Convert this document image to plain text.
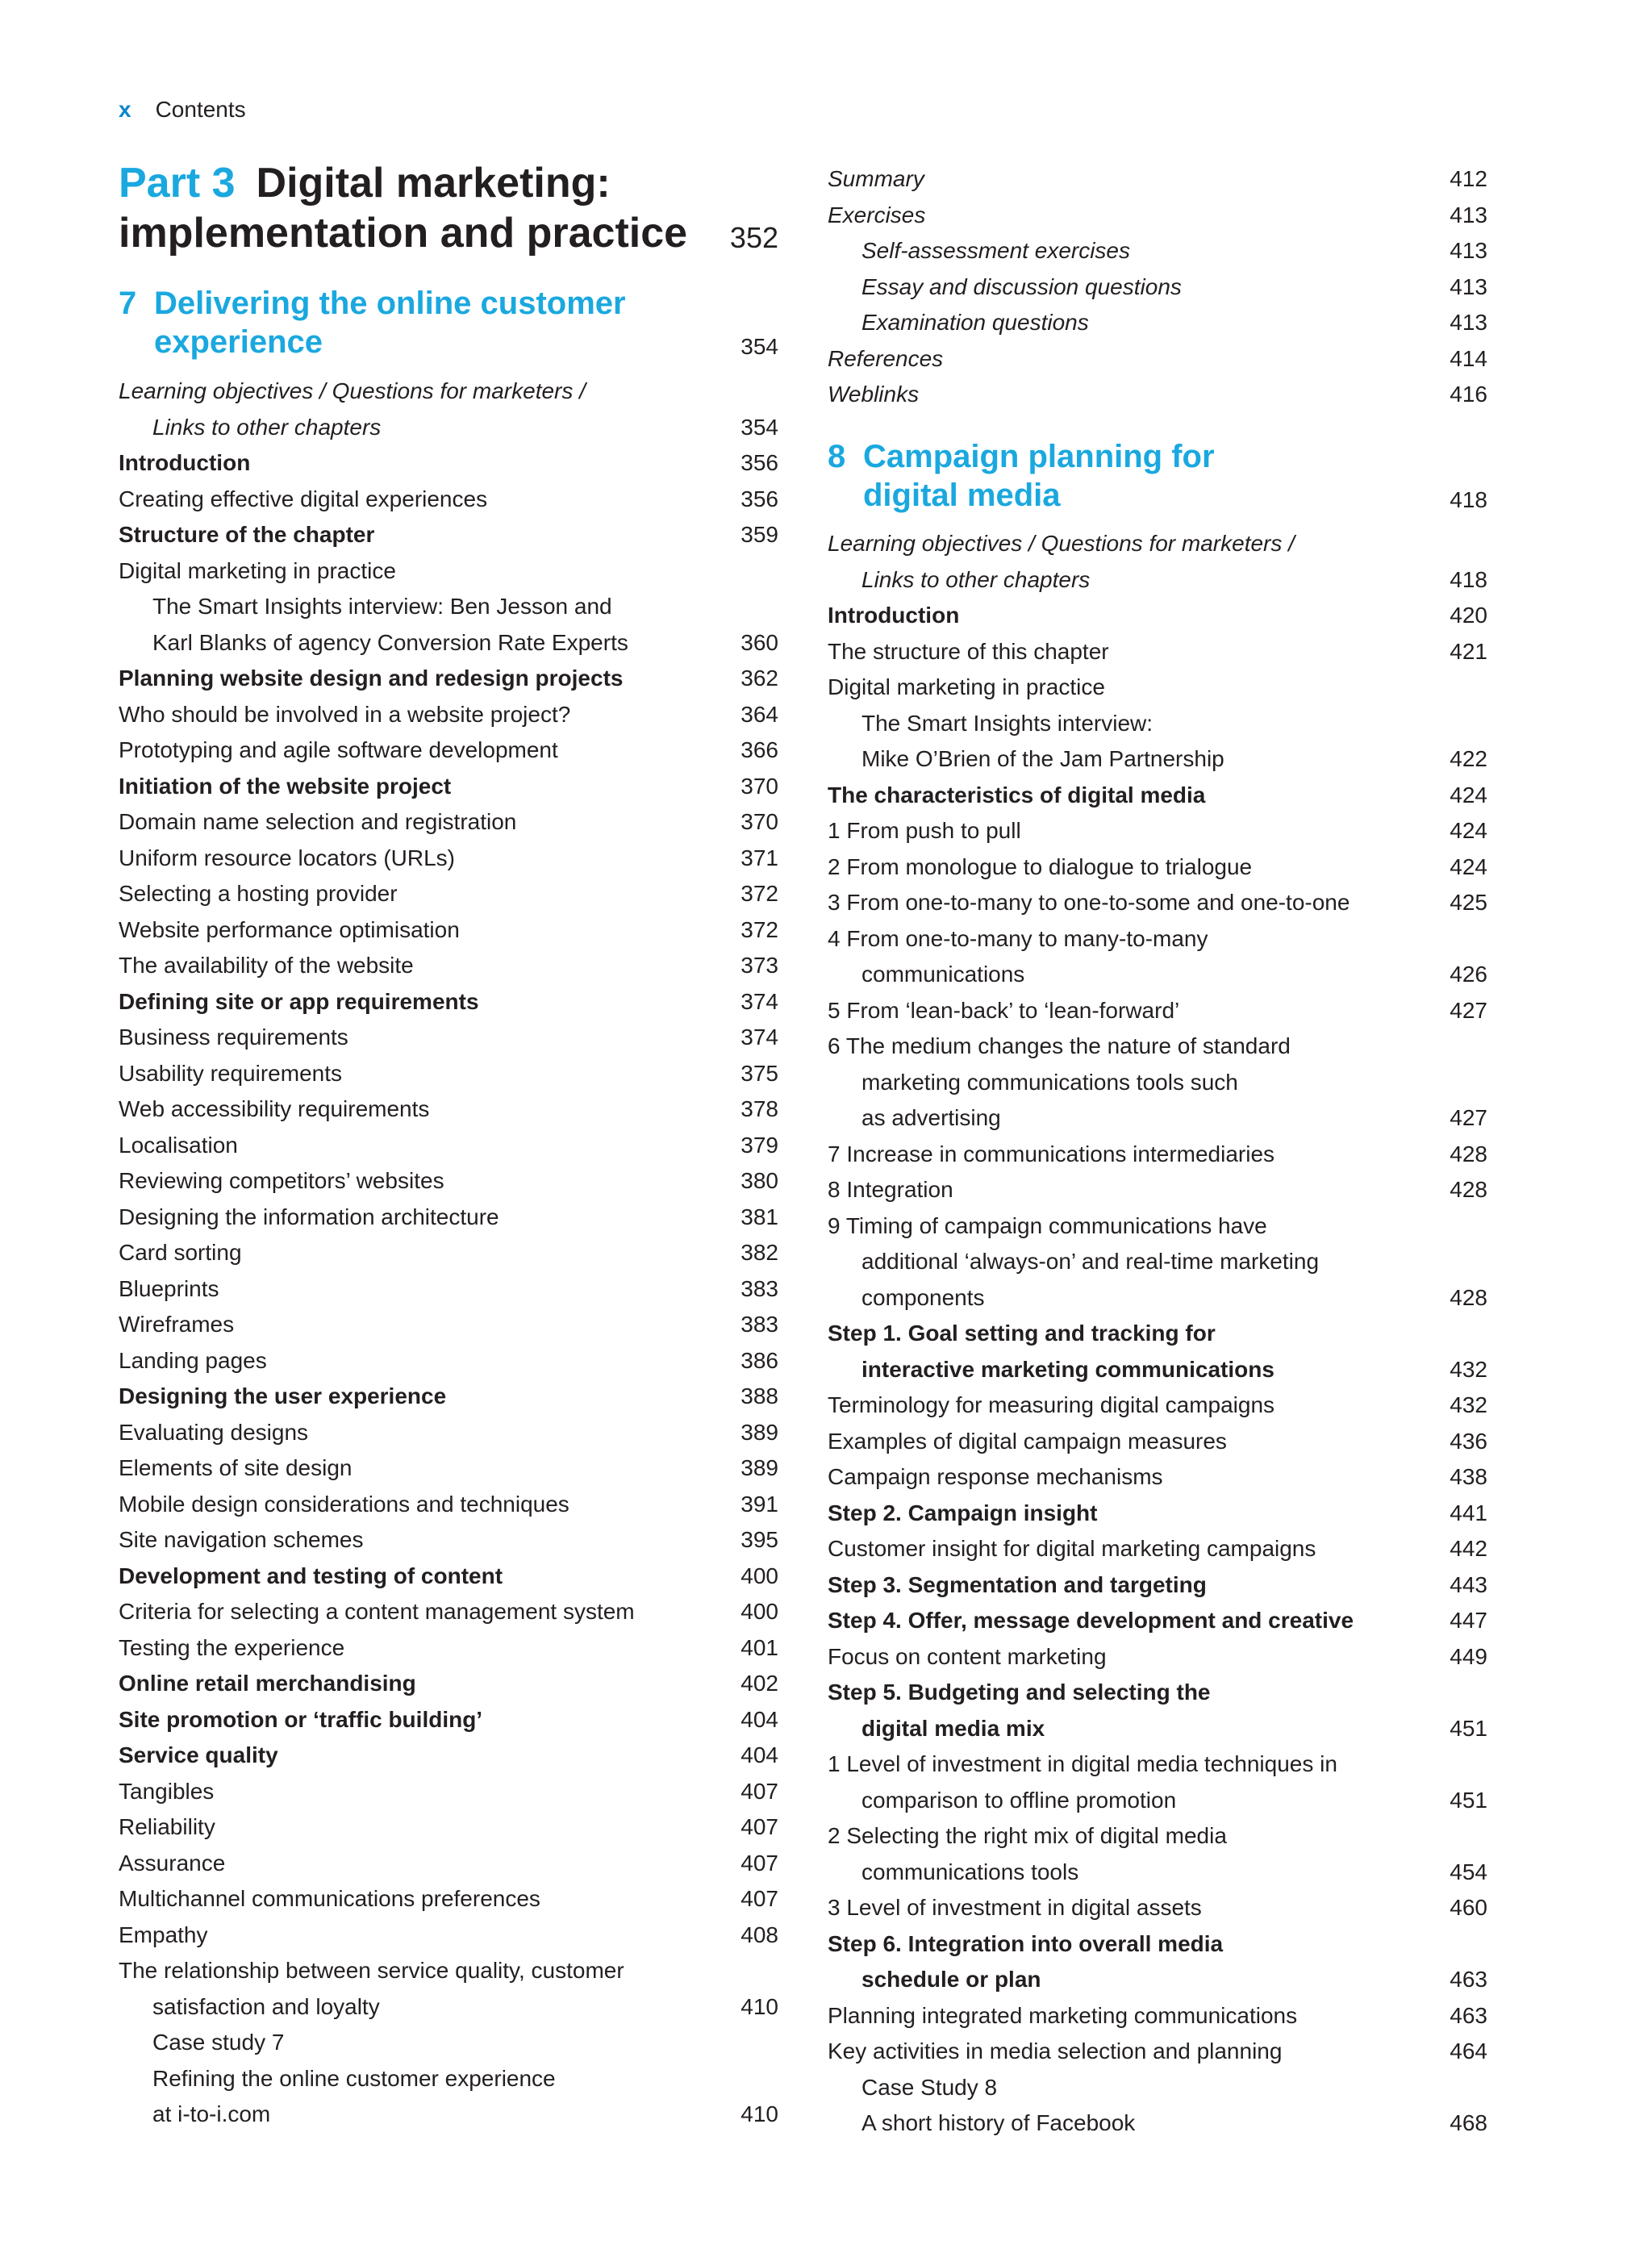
x Contents
Part 3 Digital marketing:
implementation and practice 352
7 Delivering the online customer
experience	354
Learning objectives / Questions for marketers /
Links to other chapters	354
Introduction	356
Creating effective digital experiences	356
Structure of the chapter	359
Digital marketing in practice
The Smart Insights interview: Ben Jesson and
Karl Blanks of agency Conversion Rate Experts	360
Planning website design and redesign projects	362
Who should be involved in a website project?	364
Prototyping and agile software development	366
Initiation of the website project	370
Domain name selection and registration	370
Uniform resource locators (URLs)	371
Selecting a hosting provider	372
Website performance optimisation	372
The availability of the website	373
Defining site or app requirements	374
Business requirements	374
Usability requirements	375
Web accessibility requirements	378
Localisation	379
Reviewing competitors’ websites	380
Designing the information architecture	381
Card sorting	382
Blueprints	383
Wireframes	383
Landing pages	386
Designing the user experience	388
Evaluating designs	389
Elements of site design	389
Mobile design considerations and techniques	391
Site navigation schemes	395
Development and testing of content	400
Criteria for selecting a content management system	400
Testing the experience	401
Online retail merchandising	402
Site promotion or ‘traffic building’	404
Service quality	404
Tangibles	407
Reliability	407
Assurance	407
Multichannel communications preferences	407
Empathy	408
The relationship between service quality, customer
satisfaction and loyalty	410
Case study 7
Refining the online customer experience
at i-to-i.com	410
Summary	412
Exercises	413
Self-assessment exercises	413
Essay and discussion questions	413
Examination questions	413
References	414
Weblinks	416
8 Campaign planning for
digital media	418
Learning objectives / Questions for marketers /
Links to other chapters	418
Introduction	420
The structure of this chapter	421
Digital marketing in practice
The Smart Insights interview:
Mike O’Brien of the Jam Partnership	422
The characteristics of digital media	424
1 From push to pull	424
2 From monologue to dialogue to trialogue	424
3 From one-to-many to one-to-some and one-to-one	425
4 From one-to-many to many-to-many
communications	426
5 From ‘lean-back’ to ‘lean-forward’	427
6 The medium changes the nature of standard
marketing communications tools such
as advertising	427
7 Increase in communications intermediaries	428
8 Integration	428
9 Timing of campaign communications have
additional ‘always-on’ and real-time marketing
components	428
Step 1. Goal setting and tracking for
interactive marketing communications	432
Terminology for measuring digital campaigns	432
Examples of digital campaign measures	436
Campaign response mechanisms	438
Step 2. Campaign insight	441
Customer insight for digital marketing campaigns	442
Step 3. Segmentation and targeting	443
Step 4. Offer, message development and creative	447
Focus on content marketing	449
Step 5. Budgeting and selecting the
digital media mix	451
1 Level of investment in digital media techniques in
comparison to offline promotion	451
2 Selecting the right mix of digital media
communications tools	454
3 Level of investment in digital assets	460
Step 6. Integration into overall media
schedule or plan	463
Planning integrated marketing communications	463
Key activities in media selection and planning	464
Case Study 8
A short history of Facebook	468
